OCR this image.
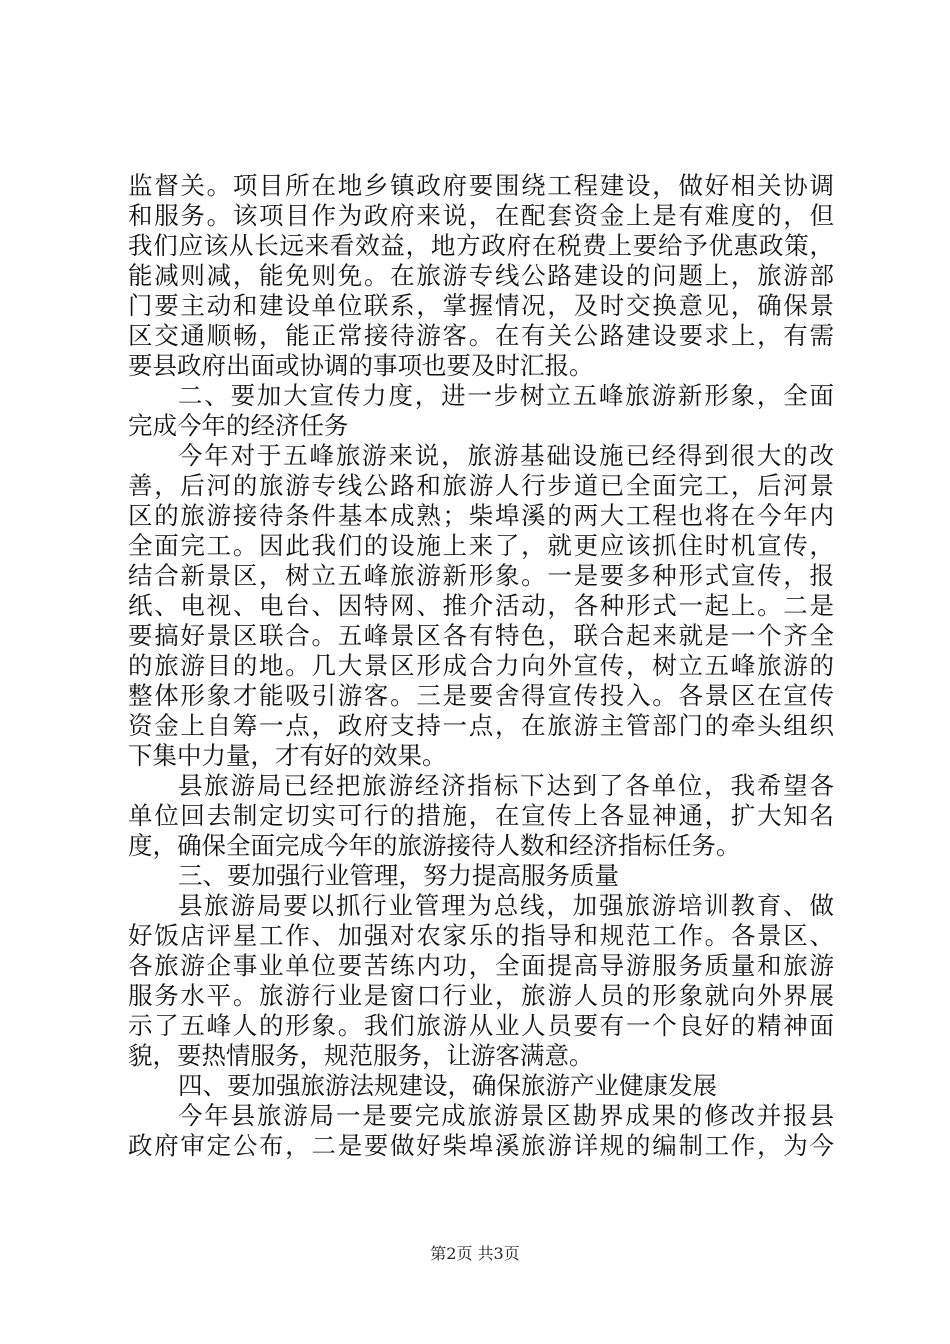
监督关。项目所在地乡镇政府要围绕工程建设，做好相关协调
和服务。该项目作为政府来说，在配套资金上是有难度的，但
我们应该从长远来看效益，地方政府在税费上要给予优惠政策，
能减则减，能免则免。在旅游专线公路建设的问题上，旅游部
门要主动和建设单位联系，掌握情况，及时交换意见，确保景
区交通顺畅，能正常接待游客。在有关公路建设要求上，有需
要县政府出面或协调的事项也要及时汇报。
二、要加大宣传力度，进一步树立五峰旅游新形象，全面
完成今年的经济任务
今年对于五峰旅游来说，旅游基础设施已经得到很大的改
善，后河的旅游专线公路和旅游人行步道已全面完工，后河景
区的旅游接待条件基本成熟；柴埠溪的两大工程也将在今年内
全面完工。因此我们的设施上来了，就更应该抓住时机宣传，
结合新景区，树立五峰旅游新形象。一是要多种形式宣传，报
纸、电视、电台、因特网、推介活动，各种形式一起上。二是
要搞好景区联合。五峰景区各有特色，联合起来就是一个齐全
的旅游目的地。几大景区形成合力向外宣传，树立五峰旅游的
整体形象才能吸引游客。三是要舍得宣传投入。各景区在宣传
资金上自筹一点，政府支持一点，在旅游主管部门的牵头组织
下集中力量，才有好的效果。
县旅游局已经把旅游经济指标下达到了各单位，我希望各
单位回去制定切实可行的措施，在宣传上各显神通，扩大知名
度，确保全面完成今年的旅游接待人数和经济指标任务。
三、要加强行业管理，努力提高服务质量
县旅游局要以抓行业管理为总线，加强旅游培训教育、做
好饭店评星工作、加强对农家乐的指导和规范工作。各景区、
各旅游企事业单位要苦练内功，全面提高导游服务质量和旅游
服务水平。旅游行业是窗口行业，旅游人员的形象就向外界展
示了五峰人的形象。我们旅游从业人员要有一个良好的精神面
貌，要热情服务，规范服务，让游客满意。
四、要加强旅游法规建设，确保旅游产业健康发展
今年县旅游局一是要完成旅游景区勘界成果的修改并报县
政府审定公布，二是要做好柴埠溪旅游详规的编制工作，为今
第2页 共3页
